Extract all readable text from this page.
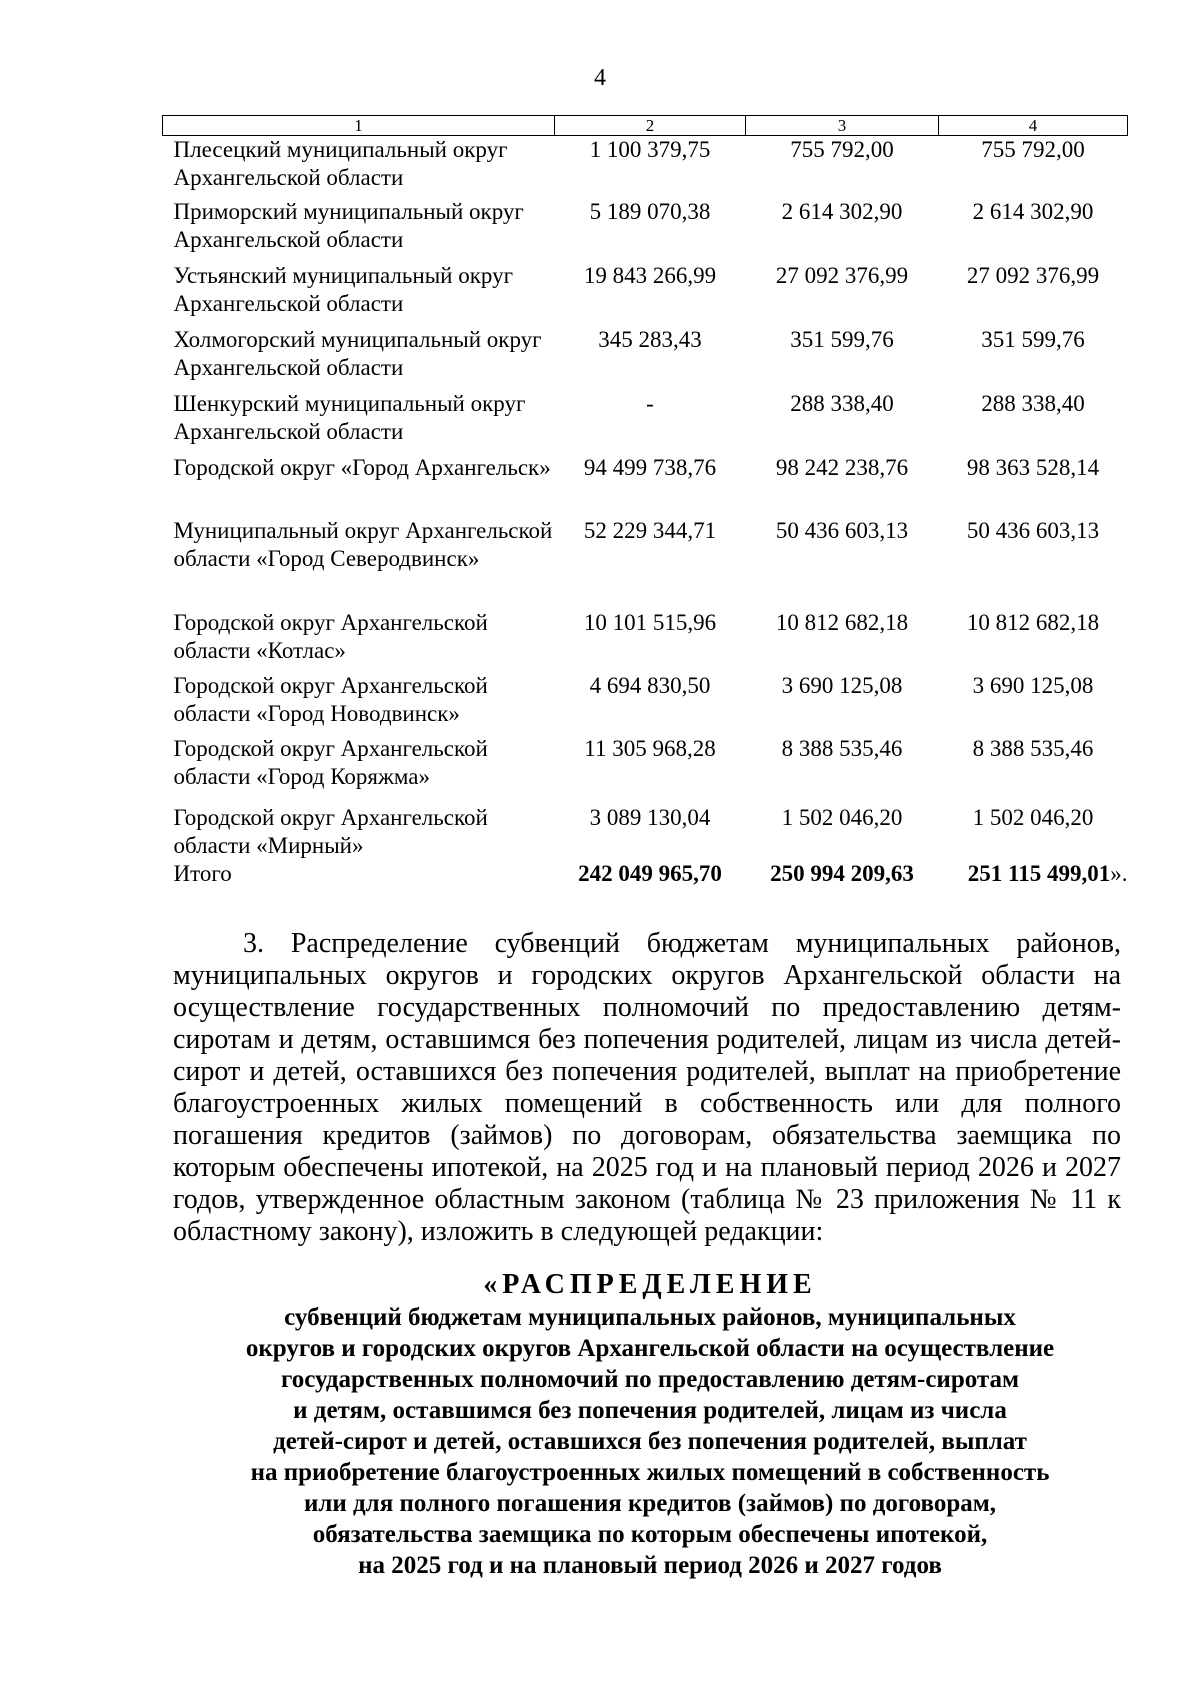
4
1	2	3	4
Плесецкий муниципальный округ Архангельской области	1 100 379,75	755 792,00	755 792,00
Приморский муниципальный округ Архангельской области	5 189 070,38	2 614 302,90	2 614 302,90
Устьянский муниципальный округ Архангельской области	19 843 266,99	27 092 376,99	27 092 376,99
Холмогорский муниципальный округ Архангельской области	345 283,43	351 599,76	351 599,76
Шенкурский муниципальный округ Архангельской области	-	288 338,40	288 338,40
Городской округ «Город Архангельск»	94 499 738,76	98 242 238,76	98 363 528,14
Муниципальный округ Архангельской области «Город Северодвинск»	52 229 344,71	50 436 603,13	50 436 603,13
Городской округ Архангельской области «Котлас»	10 101 515,96	10 812 682,18	10 812 682,18
Городской округ Архангельской области «Город Новодвинск»	4 694 830,50	3 690 125,08	3 690 125,08
Городской округ Архангельской области «Город Коряжма»	11 305 968,28	8 388 535,46	8 388 535,46
Городской округ Архангельской области «Мирный»	3 089 130,04	1 502 046,20	1 502 046,20
Итого	242 049 965,70	250 994 209,63	251 115 499,01».

3. Распределение субвенций бюджетам муниципальных районов, муниципальных округов и городских округов Архангельской области на осуществление государственных полномочий по предоставлению детям-сиротам и детям, оставшимся без попечения родителей, лицам из числа детей-сирот и детей, оставшихся без попечения родителей, выплат на приобретение благоустроенных жилых помещений в собственность или для полного погашения кредитов (займов) по договорам, обязательства заемщика по которым обеспечены ипотекой, на 2025 год и на плановый период 2026 и 2027 годов, утвержденное областным законом (таблица № 23 приложения № 11 к областному закону), изложить в следующей редакции:

«РАСПРЕДЕЛЕНИЕ
субвенций бюджетам муниципальных районов, муниципальных
округов и городских округов Архангельской области на осуществление
государственных полномочий по предоставлению детям-сиротам
и детям, оставшимся без попечения родителей, лицам из числа
детей-сирот и детей, оставшихся без попечения родителей, выплат
на приобретение благоустроенных жилых помещений в собственность
или для полного погашения кредитов (займов) по договорам,
обязательства заемщика по которым обеспечены ипотекой,
на 2025 год и на плановый период 2026 и 2027 годов
